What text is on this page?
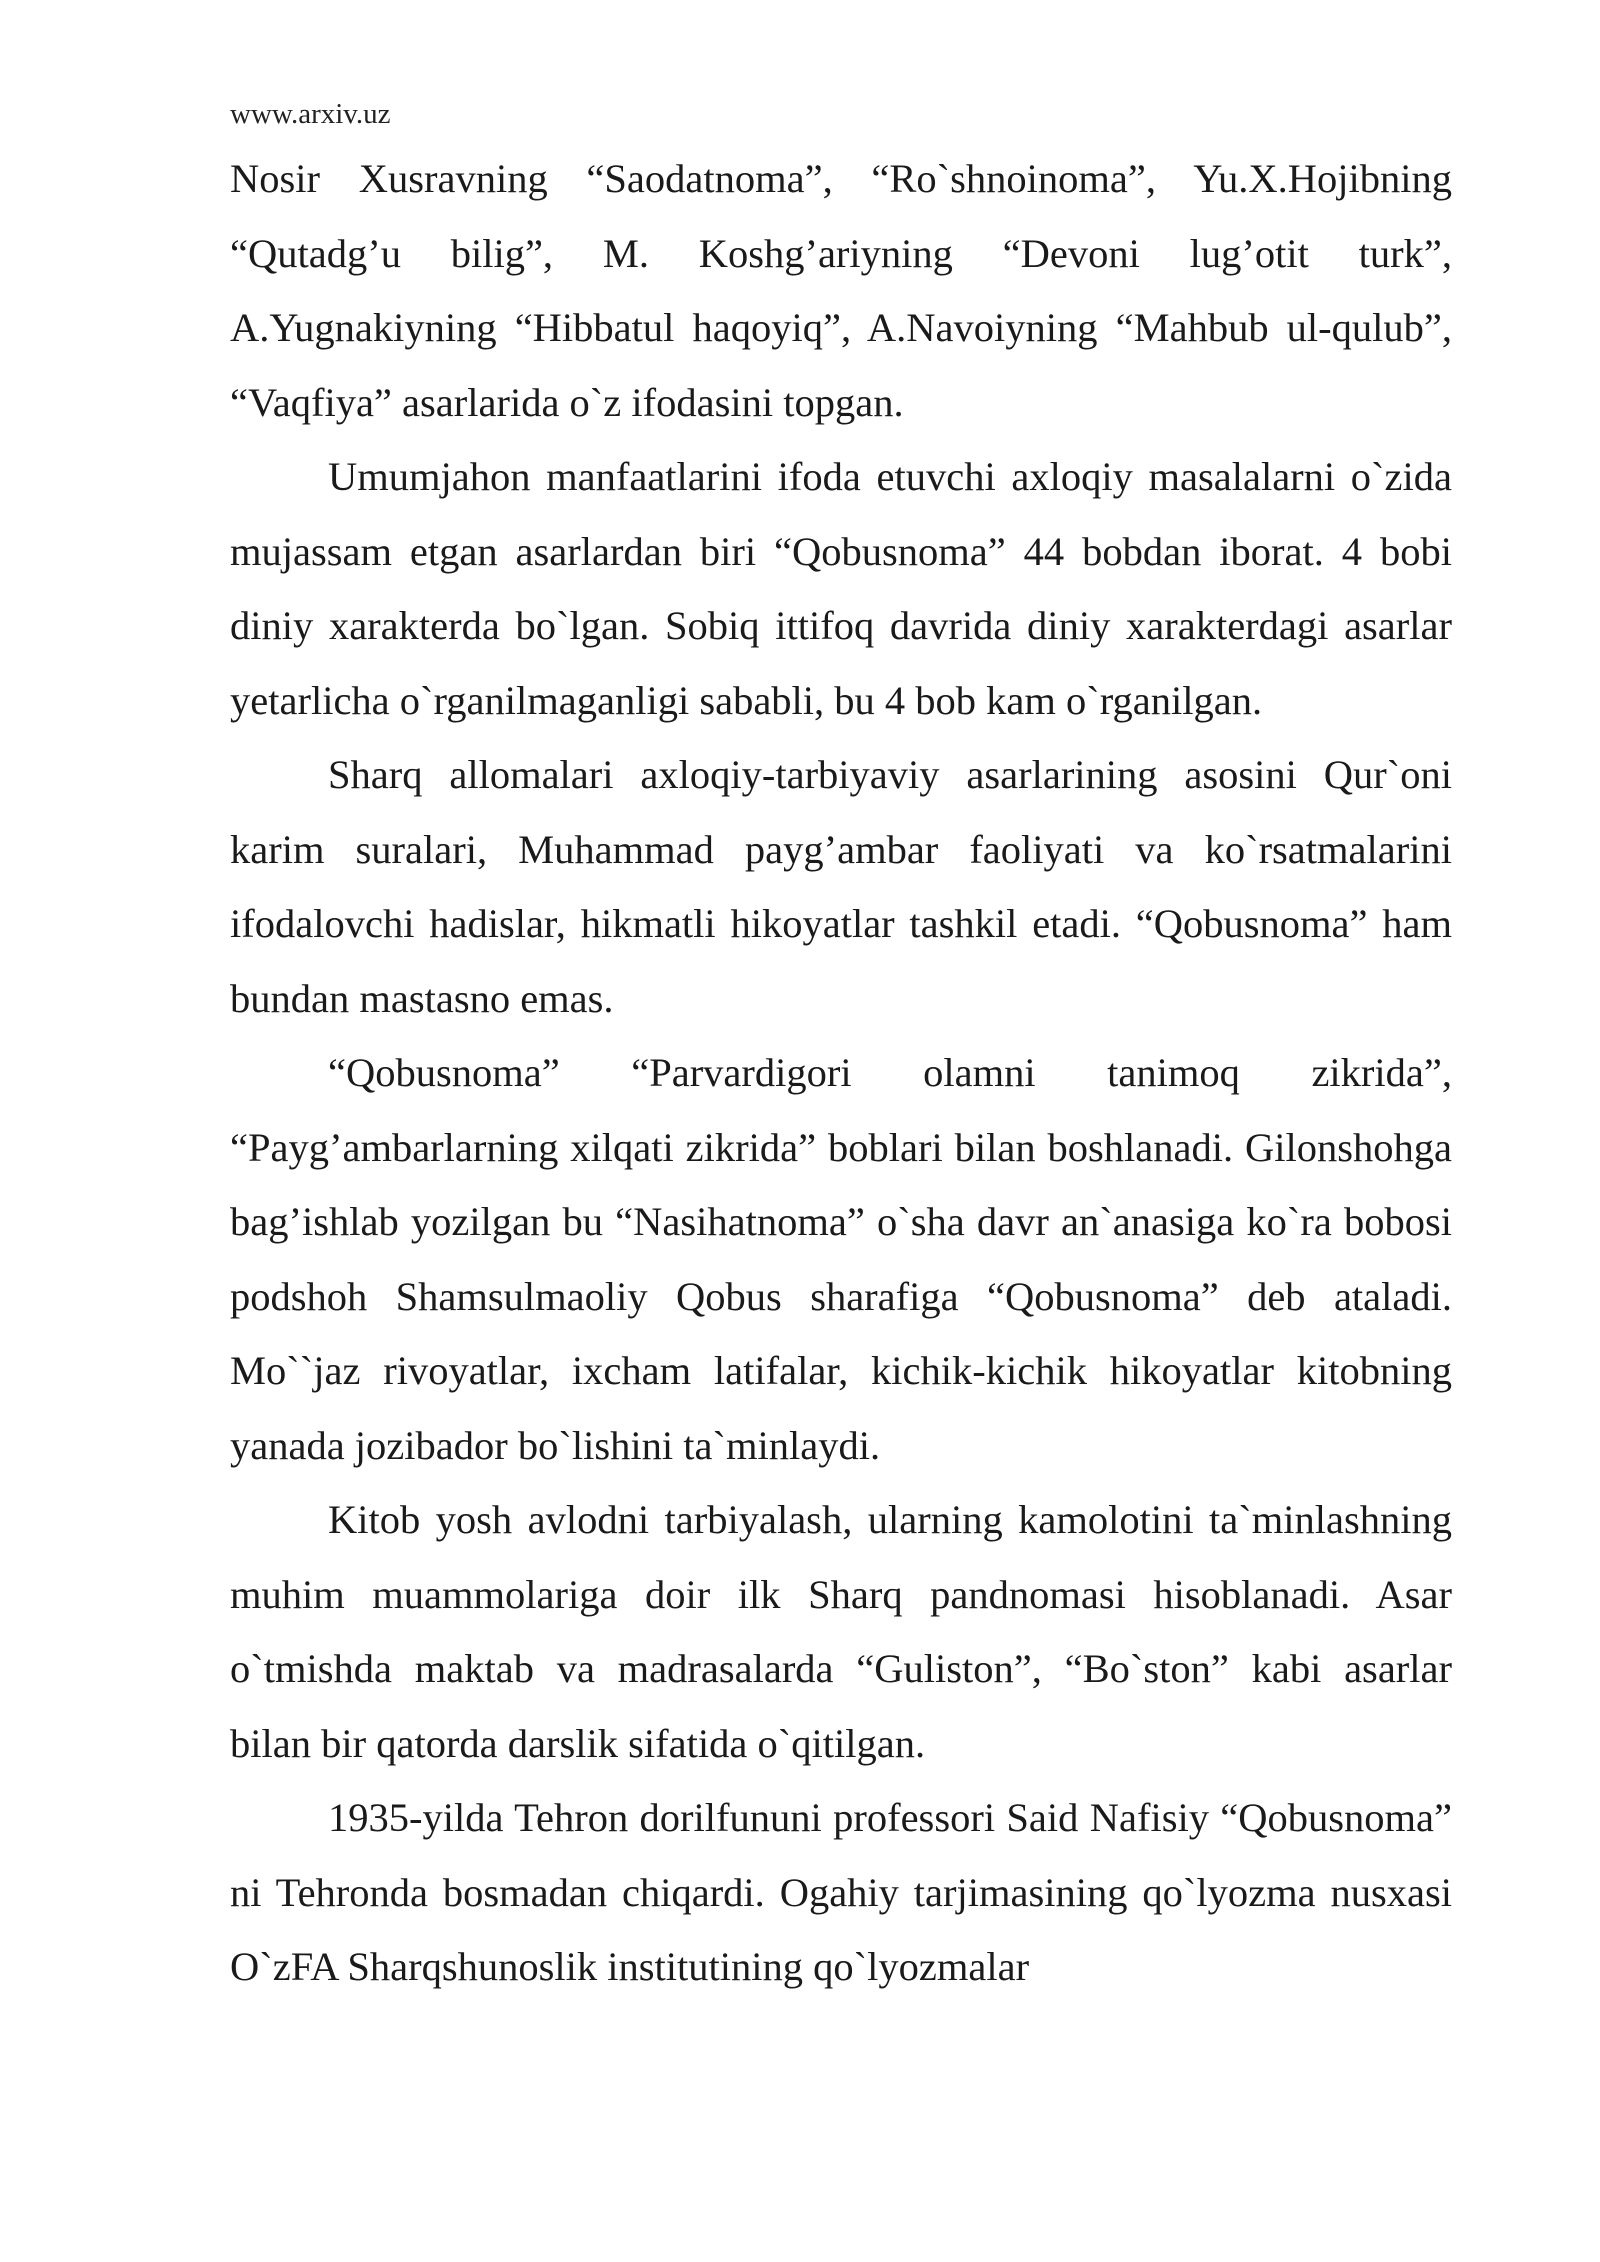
www.arxiv.uz

Nosir Xusravning “Saodatnoma”, “Ro`shnoinoma”, Yu.X.Hojibning “Qutadg’u bilig”, M. Koshg’ariyning “Devoni lug’otit turk”, A.Yugnakiyning “Hibbatul haqoyiq”, A.Navoiyning “Mahbub ul-qulub”, “Vaqfiya” asarlarida o`z ifodasini topgan.

Umumjahon manfaatlarini ifoda etuvchi axloqiy masalalarni o`zida mujassam etgan asarlardan biri “Qobusnoma” 44 bobdan iborat. 4 bobi diniy xarakterda bo`lgan. Sobiq ittifoq davrida diniy xarakterdagi asarlar yetarlicha o`rganilmaganligi sababli, bu 4 bob kam o`rganilgan.

Sharq allomalari axloqiy-tarbiyaviy asarlarining asosini Qur`oni karim suralari, Muhammad payg’ambar faoliyati va ko`rsatmalarini ifodalovchi hadislar, hikmatli hikoyatlar tashkil etadi. “Qobusnoma” ham bundan mastasno emas.

“Qobusnoma” “Parvardigori olamni tanimoq zikrida”, “Payg’ambarlarning xilqati zikrida” boblari bilan boshlanadi. Gilonshohga bag’ishlab yozilgan bu “Nasihatnoma” o`sha davr an`anasiga ko`ra bobosi podshoh Shamsulmaoliy Qobus sharafiga “Qobusnoma” deb ataladi. Mo``jaz rivoyatlar, ixcham latifalar, kichik-kichik hikoyatlar kitobning yanada jozibador bo`lishini ta`minlaydi.

Kitob yosh avlodni tarbiyalash, ularning kamolotini ta`minlashning muhim muammolariga doir ilk Sharq pandnomasi hisoblanadi. Asar o`tmishda maktab va madrasalarda “Guliston”, “Bo`ston” kabi asarlar bilan bir qatorda darslik sifatida o`qitilgan.

1935-yilda Tehron dorilfununi professori Said Nafisiy “Qobusnoma” ni Tehronda bosmadan chiqardi. Ogahiy tarjimasining qo`lyozma nusxasi O`zFA Sharqshunoslik institutining qo`lyozmalar
